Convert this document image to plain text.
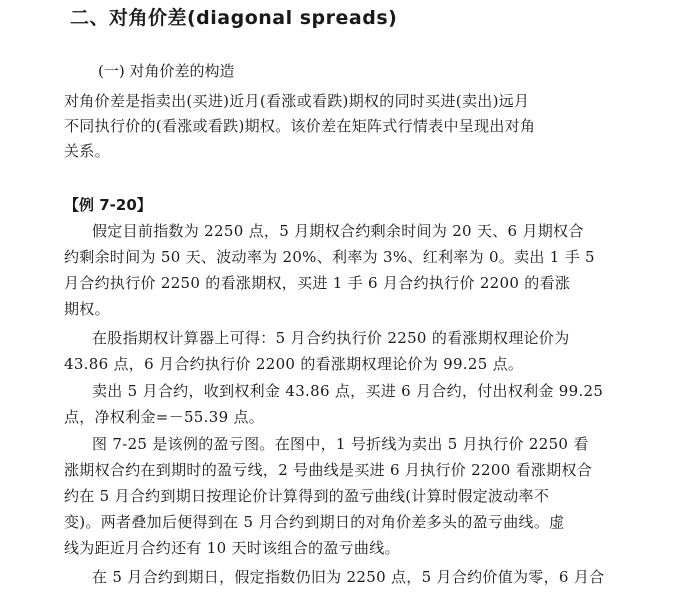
二、对角价差(diagonal spreads)
(一) 对角价差的构造
对角价差是指卖出(买进)近月(看涨或看跌)期权的同时买进(卖出)远月
不同执行价的(看涨或看跌)期权。该价差在矩阵式行情表中呈现出对角
关系。
【例 7-20】
假定目前指数为 2250 点，5 月期权合约剩余时间为 20 天、6 月期权合
约剩余时间为 50 天、波动率为 20%、利率为 3%、红利率为 0。卖出 1 手 5
月合约执行价 2250 的看涨期权，买进 1 手 6 月合约执行价 2200 的看涨
期权。
在股指期权计算器上可得：5 月合约执行价 2250 的看涨期权理论价为
43.86 点，6 月合约执行价 2200 的看涨期权理论价为 99.25 点。
卖出 5 月合约，收到权利金 43.86 点，买进 6 月合约，付出权利金 99.25
点，净权利金=－55.39 点。
图 7-25 是该例的盈亏图。在图中，1 号折线为卖出 5 月执行价 2250 看
涨期权合约在到期时的盈亏线，2 号曲线是买进 6 月执行价 2200 看涨期权合
约在 5 月合约到期日按理论价计算得到的盈亏曲线(计算时假定波动率不
变)。两者叠加后便得到在 5 月合约到期日的对角价差多头的盈亏曲线。虚
线为距近月合约还有 10 天时该组合的盈亏曲线。
在 5 月合约到期日，假定指数仍旧为 2250 点，5 月合约价值为零，6 月合
